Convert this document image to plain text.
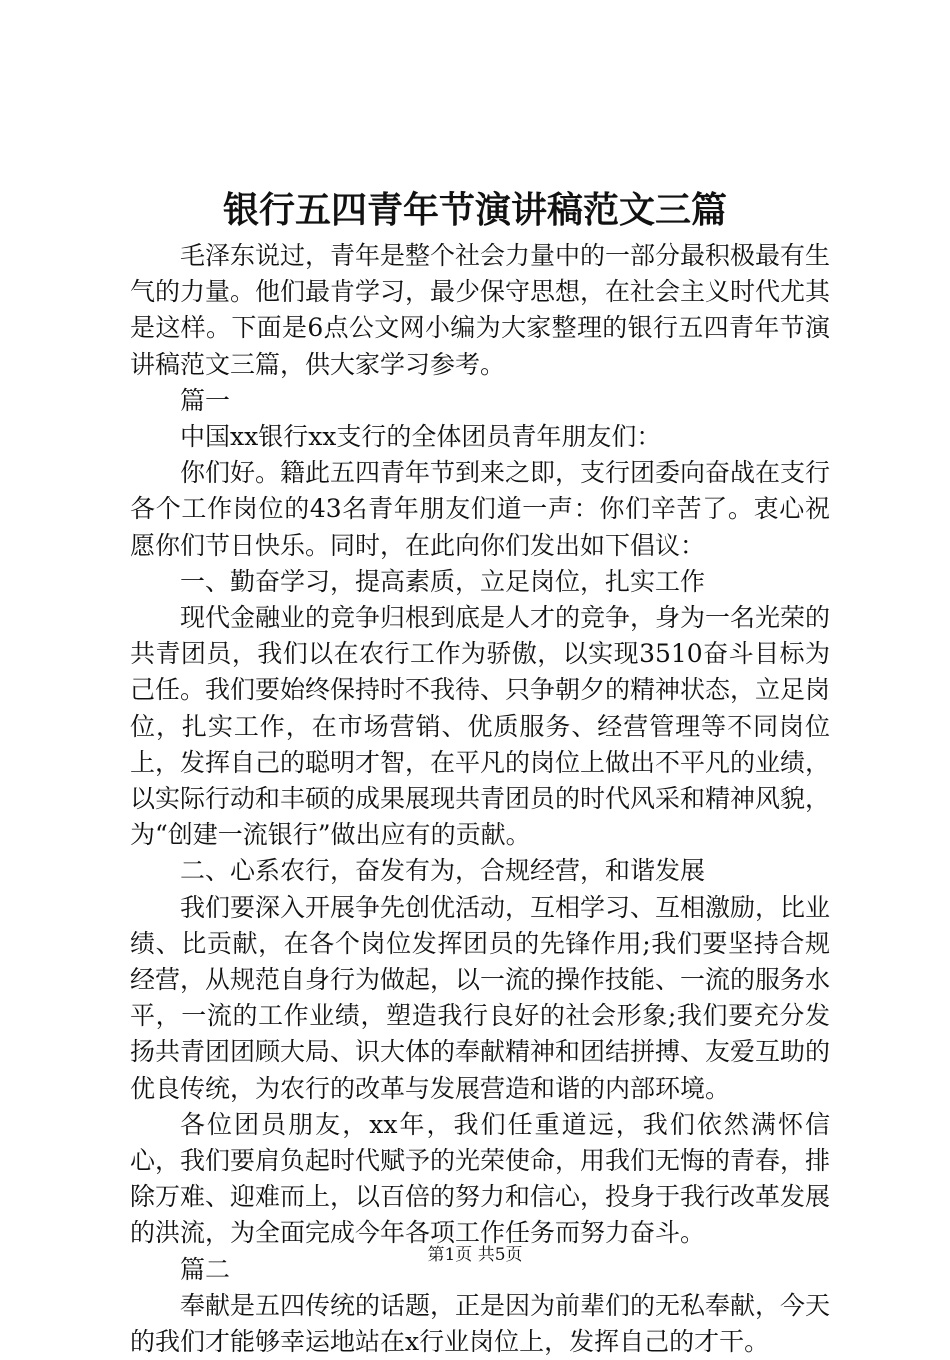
银行五四青年节演讲稿范文三篇

毛泽东说过，青年是整个社会力量中的一部分最积极最有生气的力量。他们最肯学习，最少保守思想，在社会主义时代尤其是这样。下面是6点公文网小编为大家整理的银行五四青年节演讲稿范文三篇，供大家学习参考。

篇一

中国xx银行xx支行的全体团员青年朋友们：

你们好。籍此五四青年节到来之即，支行团委向奋战在支行各个工作岗位的43名青年朋友们道一声：你们辛苦了。衷心祝愿你们节日快乐。同时，在此向你们发出如下倡议：

一、勤奋学习，提高素质，立足岗位，扎实工作

现代金融业的竞争归根到底是人才的竞争，身为一名光荣的共青团员，我们以在农行工作为骄傲，以实现3510奋斗目标为己任。我们要始终保持时不我待、只争朝夕的精神状态，立足岗位，扎实工作，在市场营销、优质服务、经营管理等不同岗位上，发挥自己的聪明才智，在平凡的岗位上做出不平凡的业绩，以实际行动和丰硕的成果展现共青团员的时代风采和精神风貌，为“创建一流银行”做出应有的贡献。

二、心系农行，奋发有为，合规经营，和谐发展

我们要深入开展争先创优活动，互相学习、互相激励，比业绩、比贡献，在各个岗位发挥团员的先锋作用;我们要坚持合规经营，从规范自身行为做起，以一流的操作技能、一流的服务水平，一流的工作业绩，塑造我行良好的社会形象;我们要充分发扬共青团团顾大局、识大体的奉献精神和团结拼搏、友爱互助的优良传统，为农行的改革与发展营造和谐的内部环境。

各位团员朋友，xx年，我们任重道远，我们依然满怀信心，我们要肩负起时代赋予的光荣使命，用我们无悔的青春，排除万难、迎难而上，以百倍的努力和信心，投身于我行改革发展的洪流，为全面完成今年各项工作任务而努力奋斗。

篇二

奉献是五四传统的话题，正是因为前辈们的无私奉献，今天的我们才能够幸运地站在x行业岗位上，发挥自己的才干。

第1页 共5页
